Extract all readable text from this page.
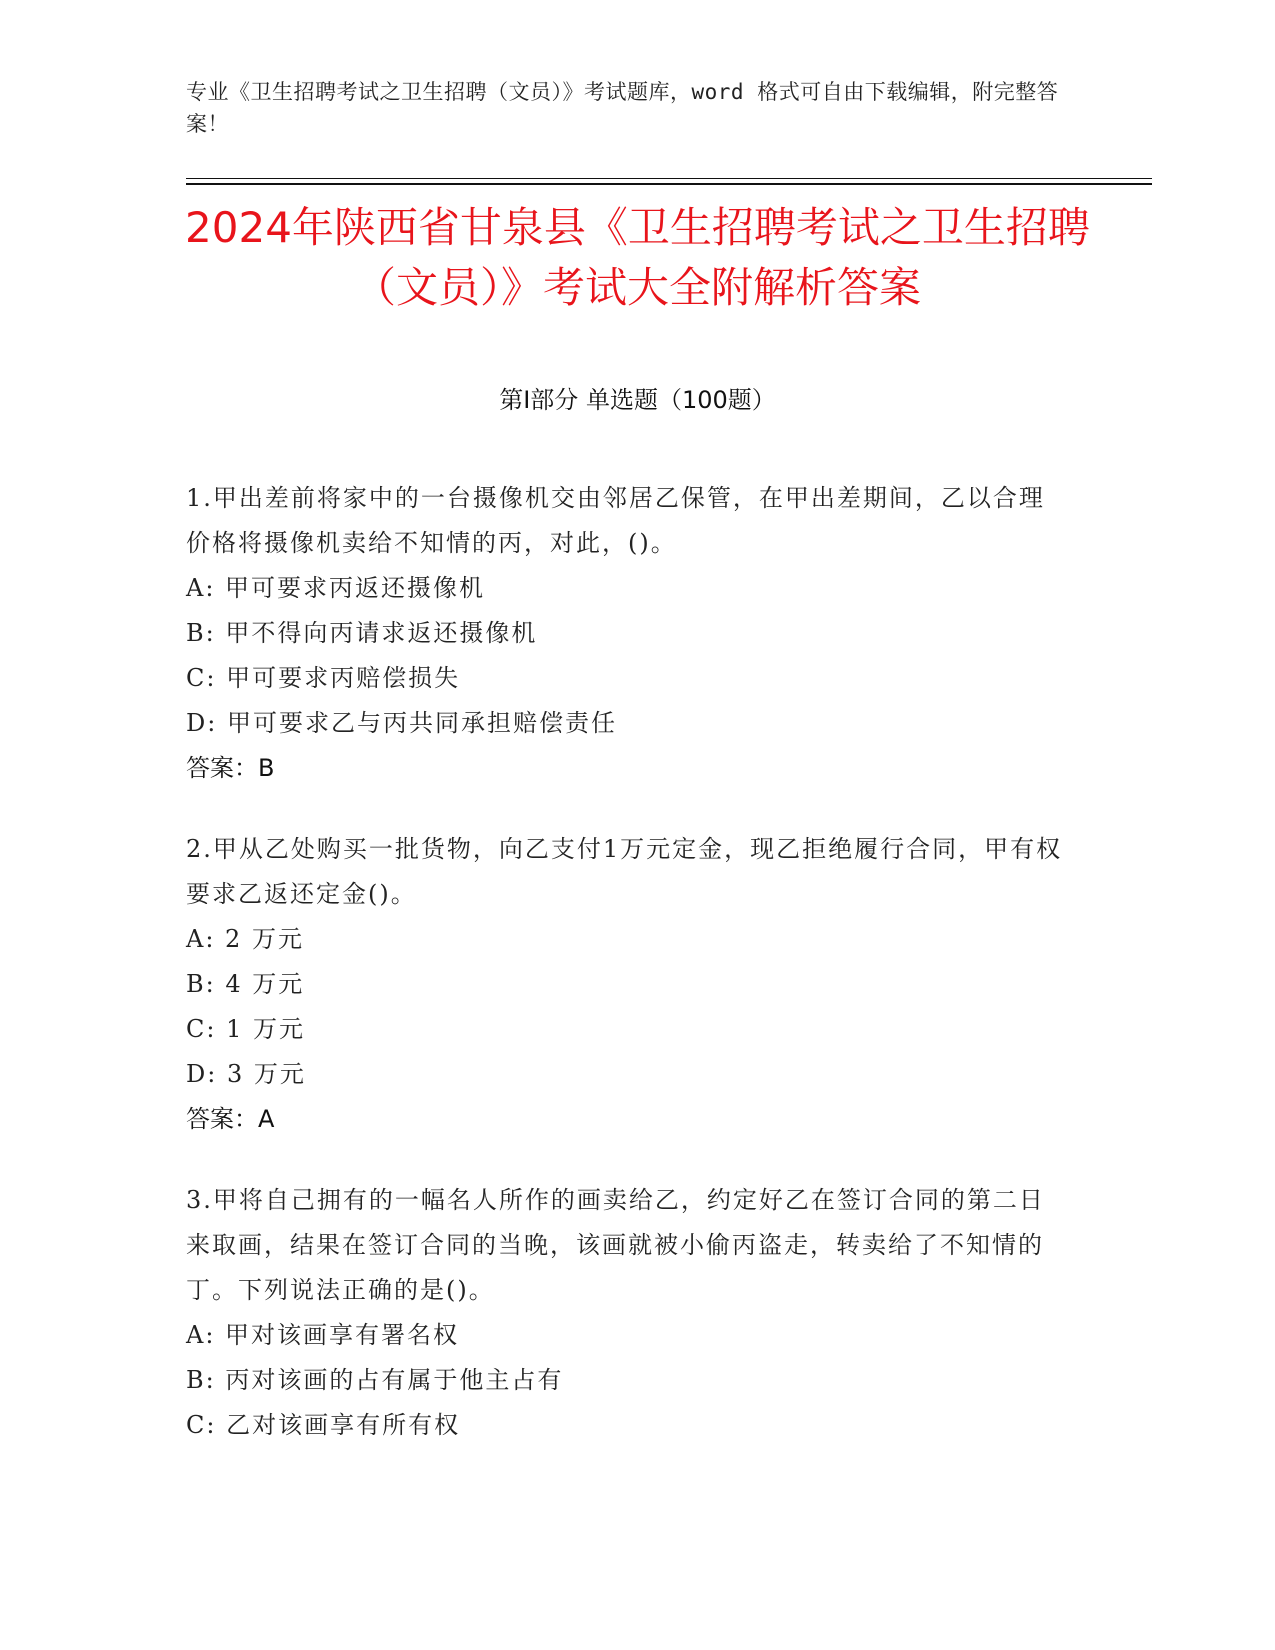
专业《卫生招聘考试之卫生招聘（文员）》考试题库，word 格式可自由下载编辑，附完整答案！
2024年陕西省甘泉县《卫生招聘考试之卫生招聘（文员）》考试大全附解析答案
第Ⅰ部分 单选题（100题）
1.甲出差前将家中的一台摄像机交由邻居乙保管，在甲出差期间，乙以合理价格将摄像机卖给不知情的丙，对此，()。
A: 甲可要求丙返还摄像机
B: 甲不得向丙请求返还摄像机
C: 甲可要求丙赔偿损失
D: 甲可要求乙与丙共同承担赔偿责任
答案：B
2.甲从乙处购买一批货物，向乙支付1万元定金，现乙拒绝履行合同，甲有权要求乙返还定金()。
A: 2 万元
B: 4 万元
C: 1 万元
D: 3 万元
答案：A
3.甲将自己拥有的一幅名人所作的画卖给乙，约定好乙在签订合同的第二日来取画，结果在签订合同的当晚，该画就被小偷丙盗走，转卖给了不知情的丁。下列说法正确的是()。
A: 甲对该画享有署名权
B: 丙对该画的占有属于他主占有
C: 乙对该画享有所有权
